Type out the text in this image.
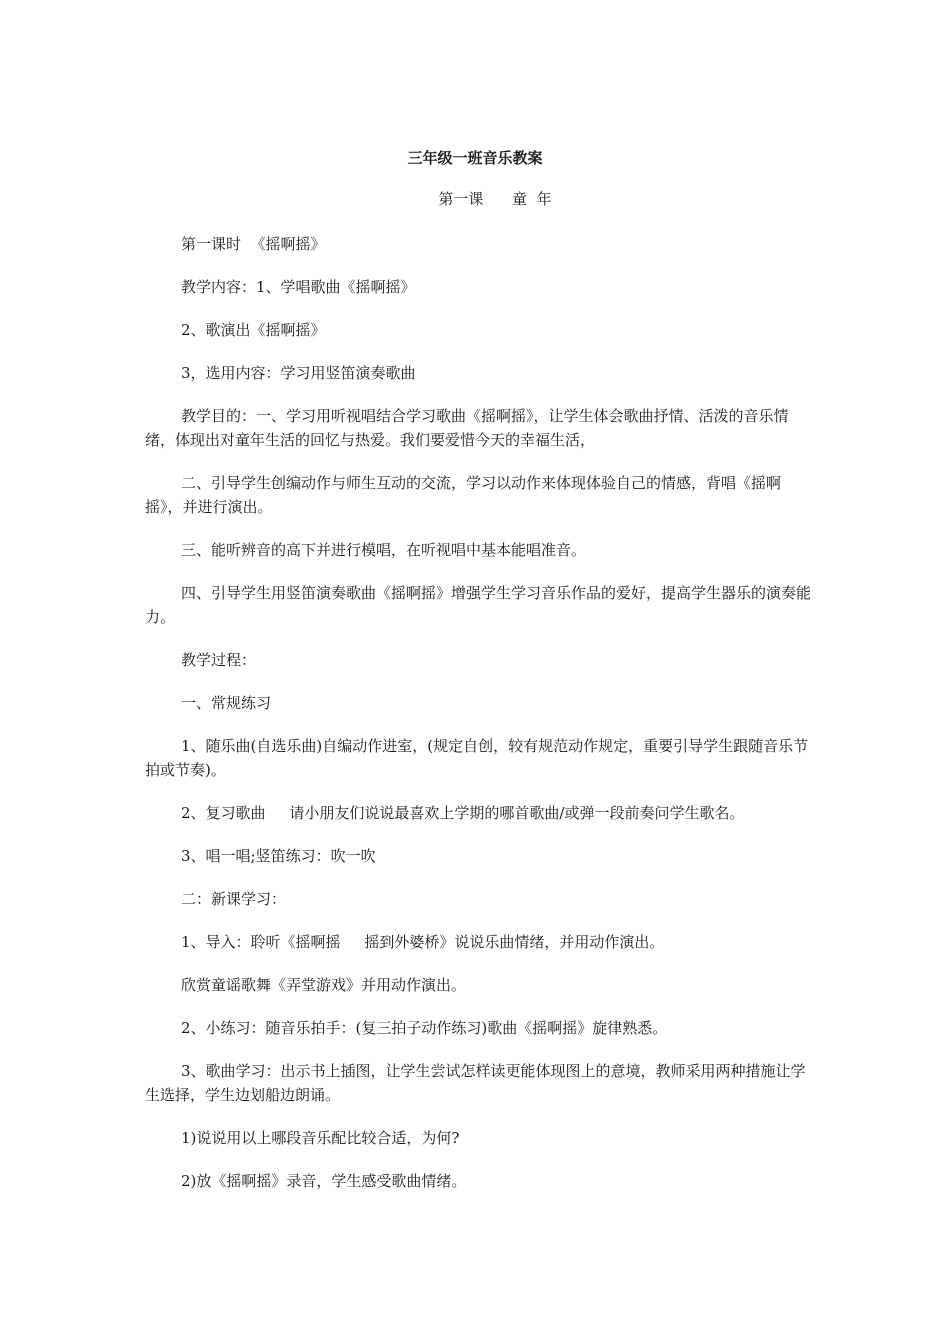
三年级一班音乐教案
第一课      童  年

第一课时  《摇啊摇》

教学内容：1、学唱歌曲《摇啊摇》

2、歌演出《摇啊摇》

3，选用内容：学习用竖笛演奏歌曲

教学目的：一、学习用听视唱结合学习歌曲《摇啊摇》，让学生体会歌曲抒情、活泼的音乐情绪，体现出对童年生活的回忆与热爱。我们要爱惜今天的幸福生活，

二、引导学生创编动作与师生互动的交流，学习以动作来体现体验自己的情感，背唱《摇啊摇》，并进行演出。

三、能听辨音的高下并进行模唱，在听视唱中基本能唱准音。

四、引导学生用竖笛演奏歌曲《摇啊摇》增强学生学习音乐作品的爱好，提高学生器乐的演奏能力。

教学过程：

一、常规练习

1、随乐曲(自选乐曲)自编动作进室，(规定自创，较有规范动作规定，重要引导学生跟随音乐节拍或节奏)。

2、复习歌曲     请小朋友们说说最喜欢上学期的哪首歌曲/或弹一段前奏问学生歌名。

3、唱一唱;竖笛练习：吹一吹

二：新课学习：

1、导入：聆听《摇啊摇     摇到外婆桥》说说乐曲情绪，并用动作演出。

欣赏童谣歌舞《弄堂游戏》并用动作演出。

2、小练习：随音乐拍手：(复三拍子动作练习)歌曲《摇啊摇》旋律熟悉。

3、歌曲学习：出示书上插图，让学生尝试怎样读更能体现图上的意境，教师采用两种措施让学生选择，学生边划船边朗诵。

1)说说用以上哪段音乐配比较合适，为何?

2)放《摇啊摇》录音，学生感受歌曲情绪。
